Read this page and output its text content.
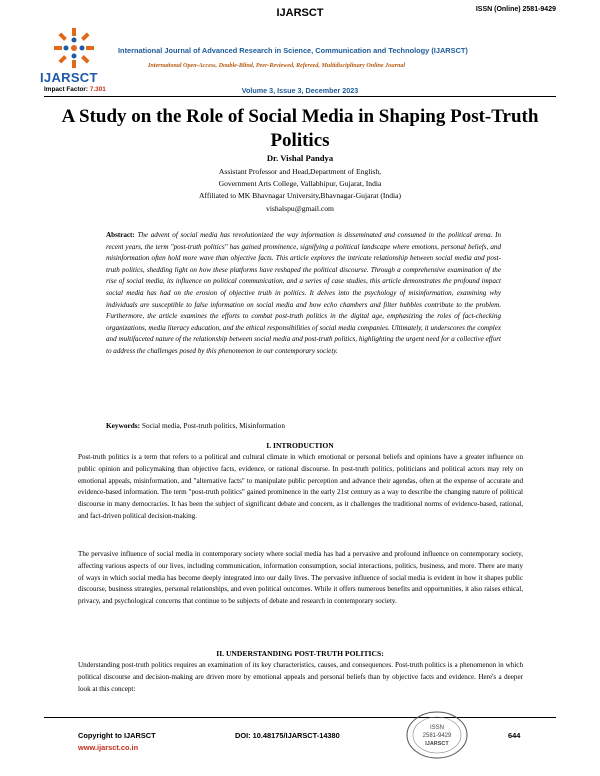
IJARSCT	ISSN (Online) 2581-9429
IJARSCT
International Journal of Advanced Research in Science, Communication and Technology (IJARSCT)
International Open-Access, Double-Blind, Peer-Reviewed, Refereed, Multidisciplinary Online Journal
Impact Factor: 7.301	Volume 3, Issue 3, December 2023
A Study on the Role of Social Media in Shaping Post-Truth Politics
Dr. Vishal Pandya
Assistant Professor and Head,Department of English,
Government Arts College, Vallabhipur, Gujarat, India
Affiliated to MK Bhavnagar University,Bhavnagar-Gujarat (India)
vishalspu@gmail.com
Abstract: The advent of social media has revolutionized the way information is disseminated and consumed in the political arena. In recent years, the term "post-truth politics" has gained prominence, signifying a political landscape where emotions, personal beliefs, and misinformation often hold more wave than objective facts. This article explores the intricate relationship between social media and post-truth politics, shedding light on how these platforms have reshaped the political discourse. Through a comprehensive examination of the rise of social media, its influence on political communication, and a series of case studies, this article demonstrates the profound impact social media has had on the erosion of objective truth in politics. It delves into the psychology of misinformation, examining why individuals are susceptible to false information on social media and how echo chambers and filter bubbles contribute to the problem. Furthermore, the article examines the efforts to combat post-truth politics in the digital age, emphasizing the roles of fact-checking organizations, media literacy education, and the ethical responsibilities of social media companies. Ultimately, it underscores the complex and multifaceted nature of the relationship between social media and post-truth politics, highlighting the urgent need for a collective effort to address the challenges posed by this phenomenon in our contemporary society.
Keywords: Social media, Post-truth politics, Misinformation
I. INTRODUCTION
Post-truth politics is a term that refers to a political and cultural climate in which emotional or personal beliefs and opinions have a greater influence on public opinion and policymaking than objective facts, evidence, or rational discourse. In post-truth politics, politicians and political actors may rely on emotional appeals, misinformation, and "alternative facts" to manipulate public perception and advance their agendas, often at the expense of accurate and evidence-based information. The term "post-truth politics" gained prominence in the early 21st century as a way to describe the changing nature of political discourse in many democracies. It has been the subject of significant debate and concern, as it challenges the traditional norms of evidence-based, rational, and fact-driven political decision-making.
The pervasive influence of social media in contemporary society where social media has had a pervasive and profound influence on contemporary society, affecting various aspects of our lives, including communication, information consumption, social interactions, politics, business, and more. There are many of ways in which social media has become deeply integrated into our daily lives. The pervasive influence of social media is evident in how it shapes public discourse, business strategies, personal relationships, and even political outcomes. While it offers numerous benefits and opportunities, it also raises ethical, privacy, and psychological concerns that continue to be subjects of debate and research in contemporary society.
II. UNDERSTANDING POST-TRUTH POLITICS:
Understanding post-truth politics requires an examination of its key characteristics, causes, and consequences. Post-truth politics is a phenomenon in which political discourse and decision-making are driven more by emotional appeals and personal beliefs than by objective facts and evidence. Here's a deeper look at this concept:
Copyright to IJARSCT
www.ijarsct.co.in
DOI: 10.48175/IJARSCT-14380
ISSN
2581-9429
IJARSCT
644
